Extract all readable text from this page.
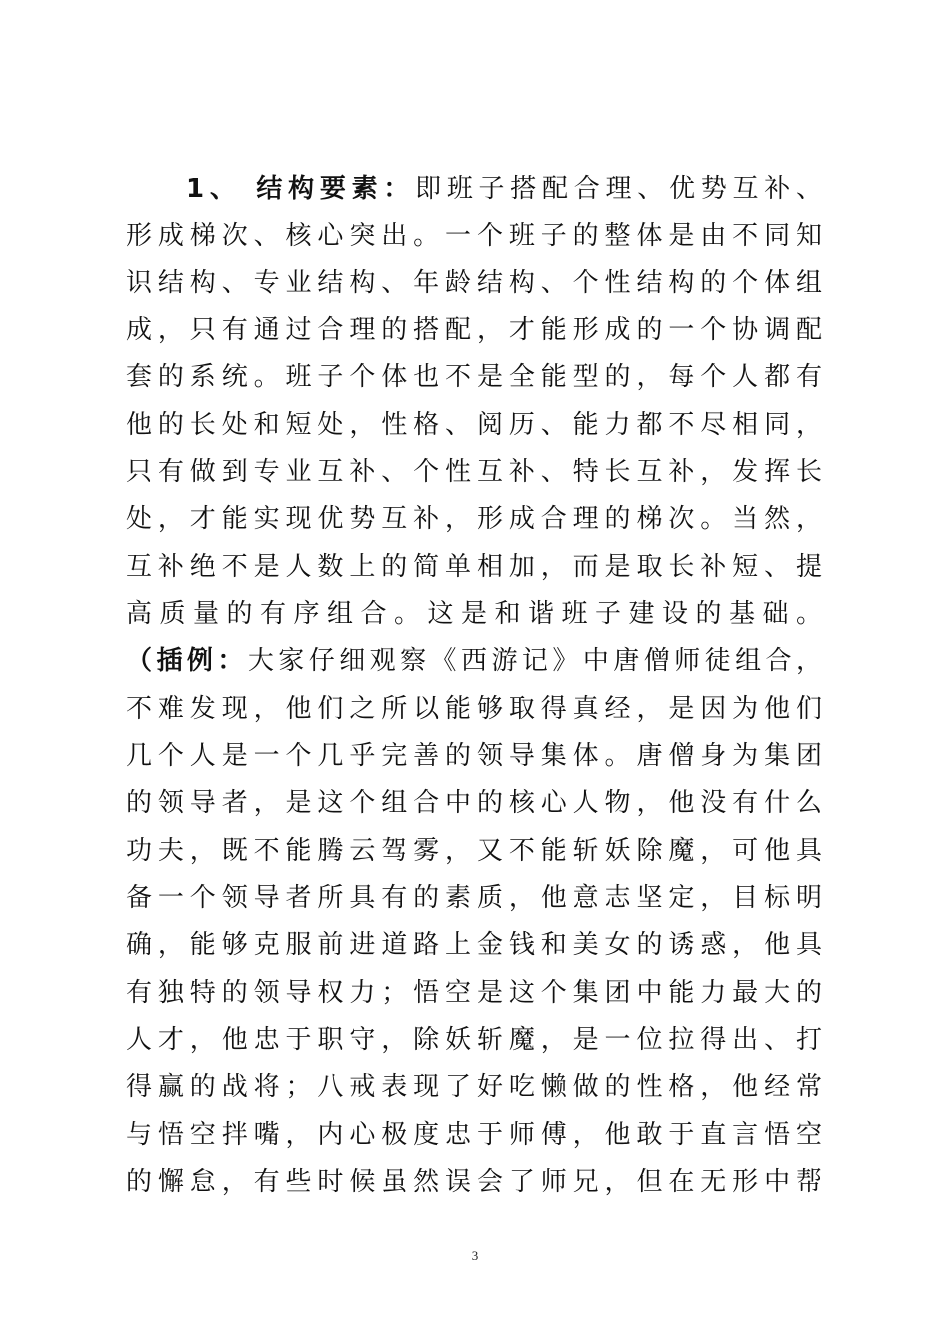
1、 结构要素：即班子搭配合理、优势互补、
形成梯次、核心突出。一个班子的整体是由不同知
识结构、专业结构、年龄结构、个性结构的个体组
成，只有通过合理的搭配，才能形成的一个协调配
套的系统。班子个体也不是全能型的，每个人都有
他的长处和短处，性格、阅历、能力都不尽相同，
只有做到专业互补、个性互补、特长互补，发挥长
处，才能实现优势互补，形成合理的梯次。当然，
互补绝不是人数上的简单相加，而是取长补短、提
高质量的有序组合。这是和谐班子建设的基础。
（插例：大家仔细观察《西游记》中唐僧师徒组合，
不难发现，他们之所以能够取得真经，是因为他们
几个人是一个几乎完善的领导集体。唐僧身为集团
的领导者，是这个组合中的核心人物，他没有什么
功夫，既不能腾云驾雾，又不能斩妖除魔，可他具
备一个领导者所具有的素质，他意志坚定，目标明
确，能够克服前进道路上金钱和美女的诱惑，他具
有独特的领导权力；悟空是这个集团中能力最大的
人才，他忠于职守，除妖斩魔，是一位拉得出、打
得赢的战将；八戒表现了好吃懒做的性格，他经常
与悟空拌嘴，内心极度忠于师傅，他敢于直言悟空
的懈怠，有些时候虽然误会了师兄，但在无形中帮
3
